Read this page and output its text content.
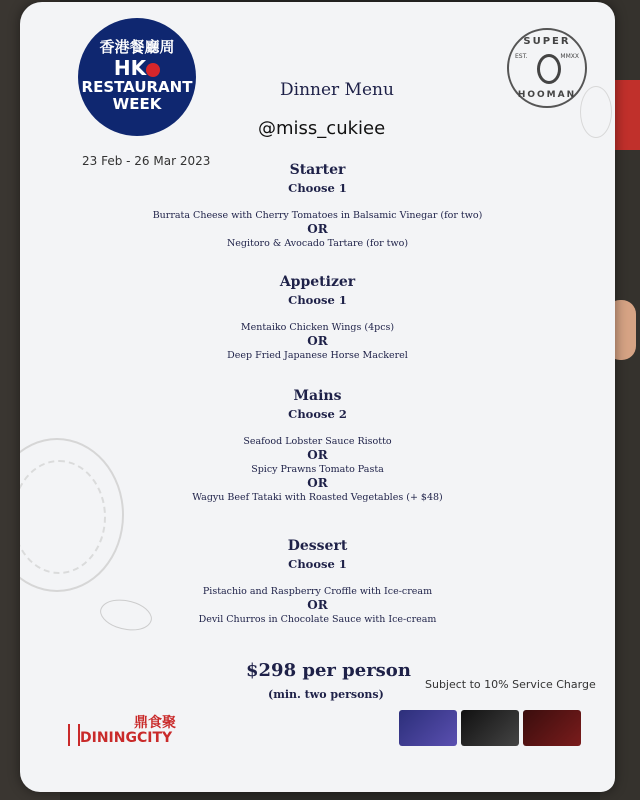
香港餐廳周
HK
RESTAURANT
WEEK
23 Feb - 26 Mar 2023
SUPER
EST.	MMXX
HOOMAN
Dinner Menu
@miss_cukiee
Starter
Choose 1
Burrata Cheese with Cherry Tomatoes in Balsamic Vinegar (for two)
OR
Negitoro & Avocado Tartare (for two)
Appetizer
Choose 1
Mentaiko Chicken Wings (4pcs)
OR
Deep Fried Japanese Horse Mackerel
Mains
Choose 2
Seafood Lobster Sauce Risotto
OR
Spicy Prawns Tomato Pasta
OR
Wagyu Beef Tataki with Roasted Vegetables (+ $48)
Dessert
Choose 1
Pistachio and Raspberry Croffle with Ice-cream
OR
Devil Churros in Chocolate Sauce with Ice-cream
$298 per person
(min. two persons)
Subject to 10% Service Charge
鼎食聚
DININGCITY
